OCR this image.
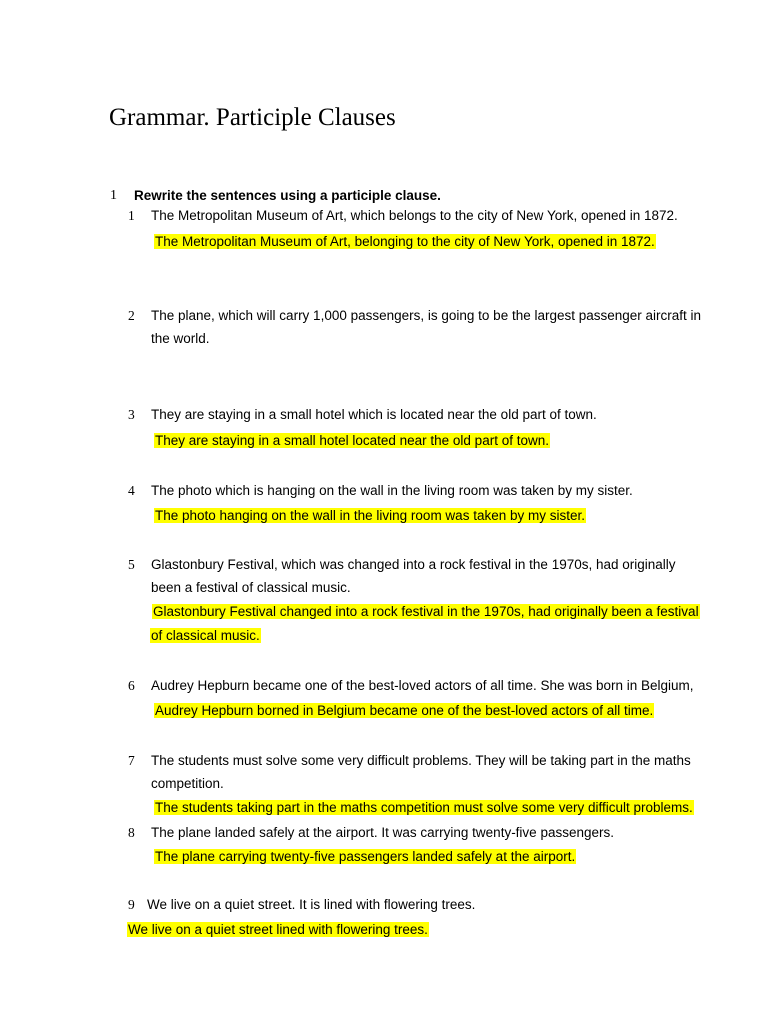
Grammar. Participle Clauses
1 Rewrite the sentences using a participle clause.
1 The Metropolitan Museum of Art, which belongs to the city of New York, opened in 1872.
The Metropolitan Museum of Art, belonging to the city of New York, opened in 1872.
2 The plane, which will carry 1,000 passengers, is going to be the largest passenger aircraft in
the world.
3 They are staying in a small hotel which is located near the old part of town.
They are staying in a small hotel located near the old part of town.
4 The photo which is hanging on the wall in the living room was taken by my sister.
The photo hanging on the wall in the living room was taken by my sister.
5 Glastonbury Festival, which was changed into a rock festival in the 1970s, had originally
been a festival of classical music.
Glastonbury Festival changed into a rock festival in the 1970s, had originally been a festival
of classical music.
6 Audrey Hepburn became one of the best-loved actors of all time. She was born in Belgium,
Audrey Hepburn borned in Belgium became one of the best-loved actors of all time.
7 The students must solve some very difficult problems. They will be taking part in the maths
competition.
The students taking part in the maths competition must solve some very difficult problems.
8 The plane landed safely at the airport. It was carrying twenty-five passengers.
The plane carrying twenty-five passengers landed safely at the airport.
9 We live on a quiet street. It is lined with flowering trees.
We live on a quiet street lined with flowering trees.
